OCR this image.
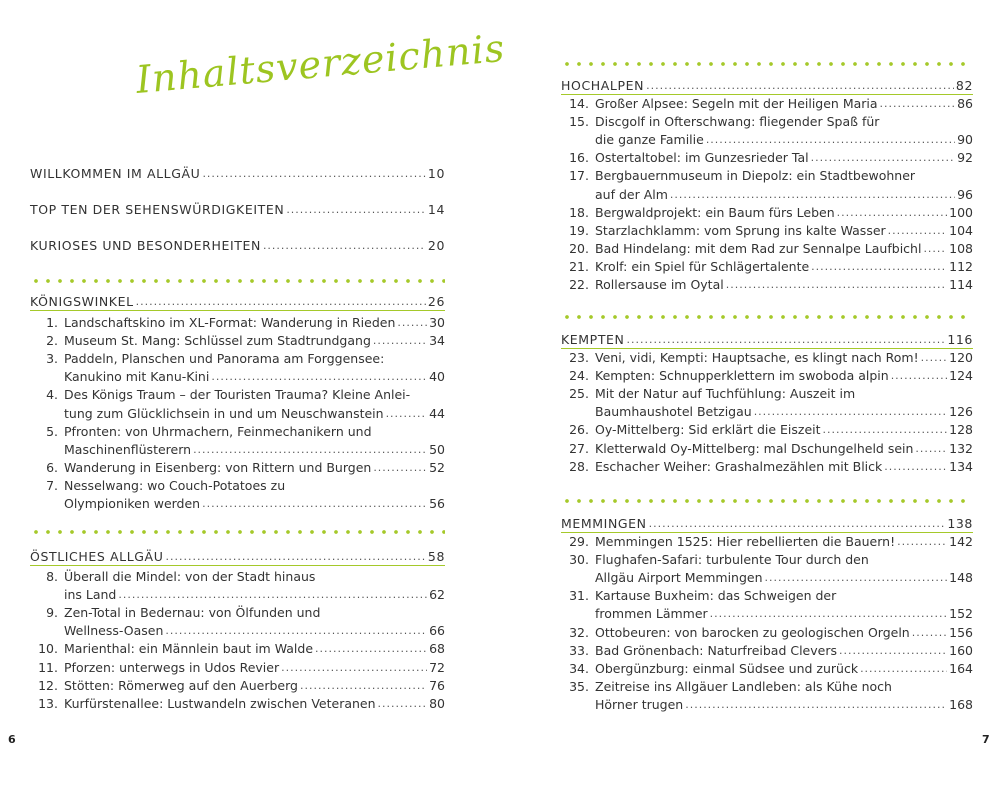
Inhaltsverzeichnis
WILLKOMMEN IM ALLGÄU .....	10
TOP TEN DER SEHENSWÜRDIGKEITEN .....	14
KURIOSES UND BESONDERHEITEN .....	20
KÖNIGSWINKEL .....	26
1. Landschaftskino im XL-Format: Wanderung in Rieden .....	30
2. Museum St. Mang: Schlüssel zum Stadtrundgang .....	34
3. Paddeln, Planschen und Panorama am Forggensee:
Kanukino mit Kanu-Kini .....	40
4. Des Königs Traum – der Touristen Trauma? Kleine Anlei-
tung zum Glücklichsein in und um Neuschwanstein .....	44
5. Pfronten: von Uhrmachern, Feinmechanikern und
Maschinenflüsterern .....	50
6. Wanderung in Eisenberg: von Rittern und Burgen .....	52
7. Nesselwang: wo Couch-Potatoes zu
Olympioniken werden .....	56
ÖSTLICHES ALLGÄU .....	58
8. Überall die Mindel: von der Stadt hinaus
ins Land .....	62
9. Zen-Total in Bedernau: von Ölfunden und
Wellness-Oasen .....	66
10. Marienthal: ein Männlein baut im Walde .....	68
11. Pforzen: unterwegs in Udos Revier .....	72
12. Stötten: Römerweg auf den Auerberg .....	76
13. Kurfürstenallee: Lustwandeln zwischen Veteranen .....	80
HOCHALPEN .....	82
14. Großer Alpsee: Segeln mit der Heiligen Maria .....	86
15. Discgolf in Ofterschwang: fliegender Spaß für
die ganze Familie .....	90
16. Ostertaltobel: im Gunzesrieder Tal .....	92
17. Bergbauernmuseum in Diepolz: ein Stadtbewohner
auf der Alm .....	96
18. Bergwaldprojekt: ein Baum fürs Leben .....	100
19. Starzlachklamm: vom Sprung ins kalte Wasser .....	104
20. Bad Hindelang: mit dem Rad zur Sennalpe Laufbichl ..... 108
21. Krolf: ein Spiel für Schlägertalente .....	112
22. Rollersause im Oytal .....	114
KEMPTEN .....	116
23. Veni, vidi, Kempti: Hauptsache, es klingt nach Rom! ..... 120
24. Kempten: Schnupperklettern im swoboda alpin .....	124
25. Mit der Natur auf Tuchfühlung: Auszeit im
Baumhaushotel Betzigau .....	126
26. Oy-Mittelberg: Sid erklärt die Eiszeit .....	128
27. Kletterwald Oy-Mittelberg: mal Dschungelheld sein .....	132
28. Eschacher Weiher: Grashalmezählen mit Blick .....	134
MEMMINGEN .....	138
29. Memmingen 1525: Hier rebellierten die Bauern! .....	142
30. Flughafen-Safari: turbulente Tour durch den
Allgäu Airport Memmingen .....	148
31. Kartause Buxheim: das Schweigen der
frommen Lämmer .....	152
32. Ottobeuren: von barocken zu geologischen Orgeln .....	156
33. Bad Grönenbach: Naturfreibad Clevers .....	160
34. Obergünzburg: einmal Südsee und zurück .....	164
35. Zeitreise ins Allgäuer Landleben: als Kühe noch
Hörner trugen .....	168
6	7
